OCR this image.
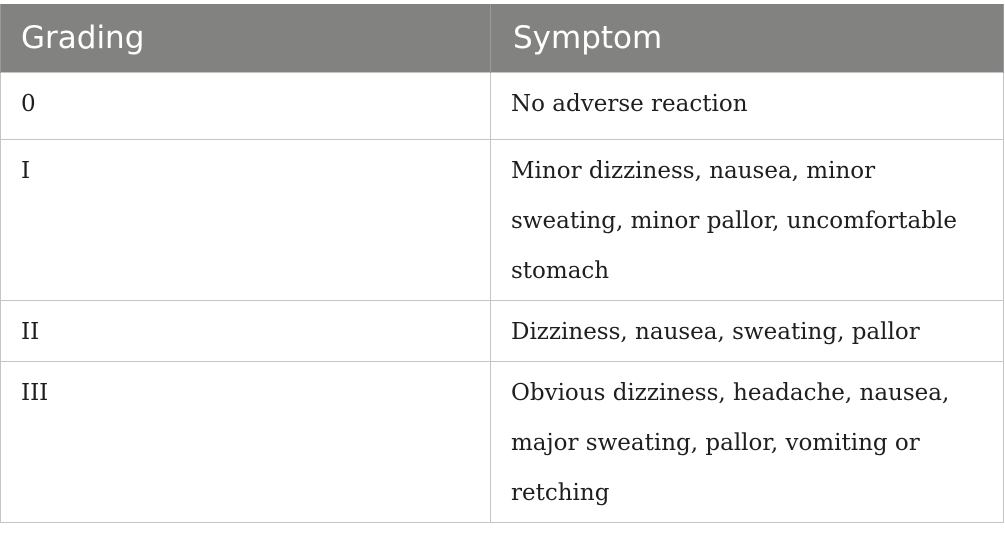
Grading	Symptom
0	No adverse reaction
I	Minor dizziness, nausea, minor sweating, minor pallor, uncomfortable stomach
II	Dizziness, nausea, sweating, pallor
III	Obvious dizziness, headache, nausea, major sweating, pallor, vomiting or retching
